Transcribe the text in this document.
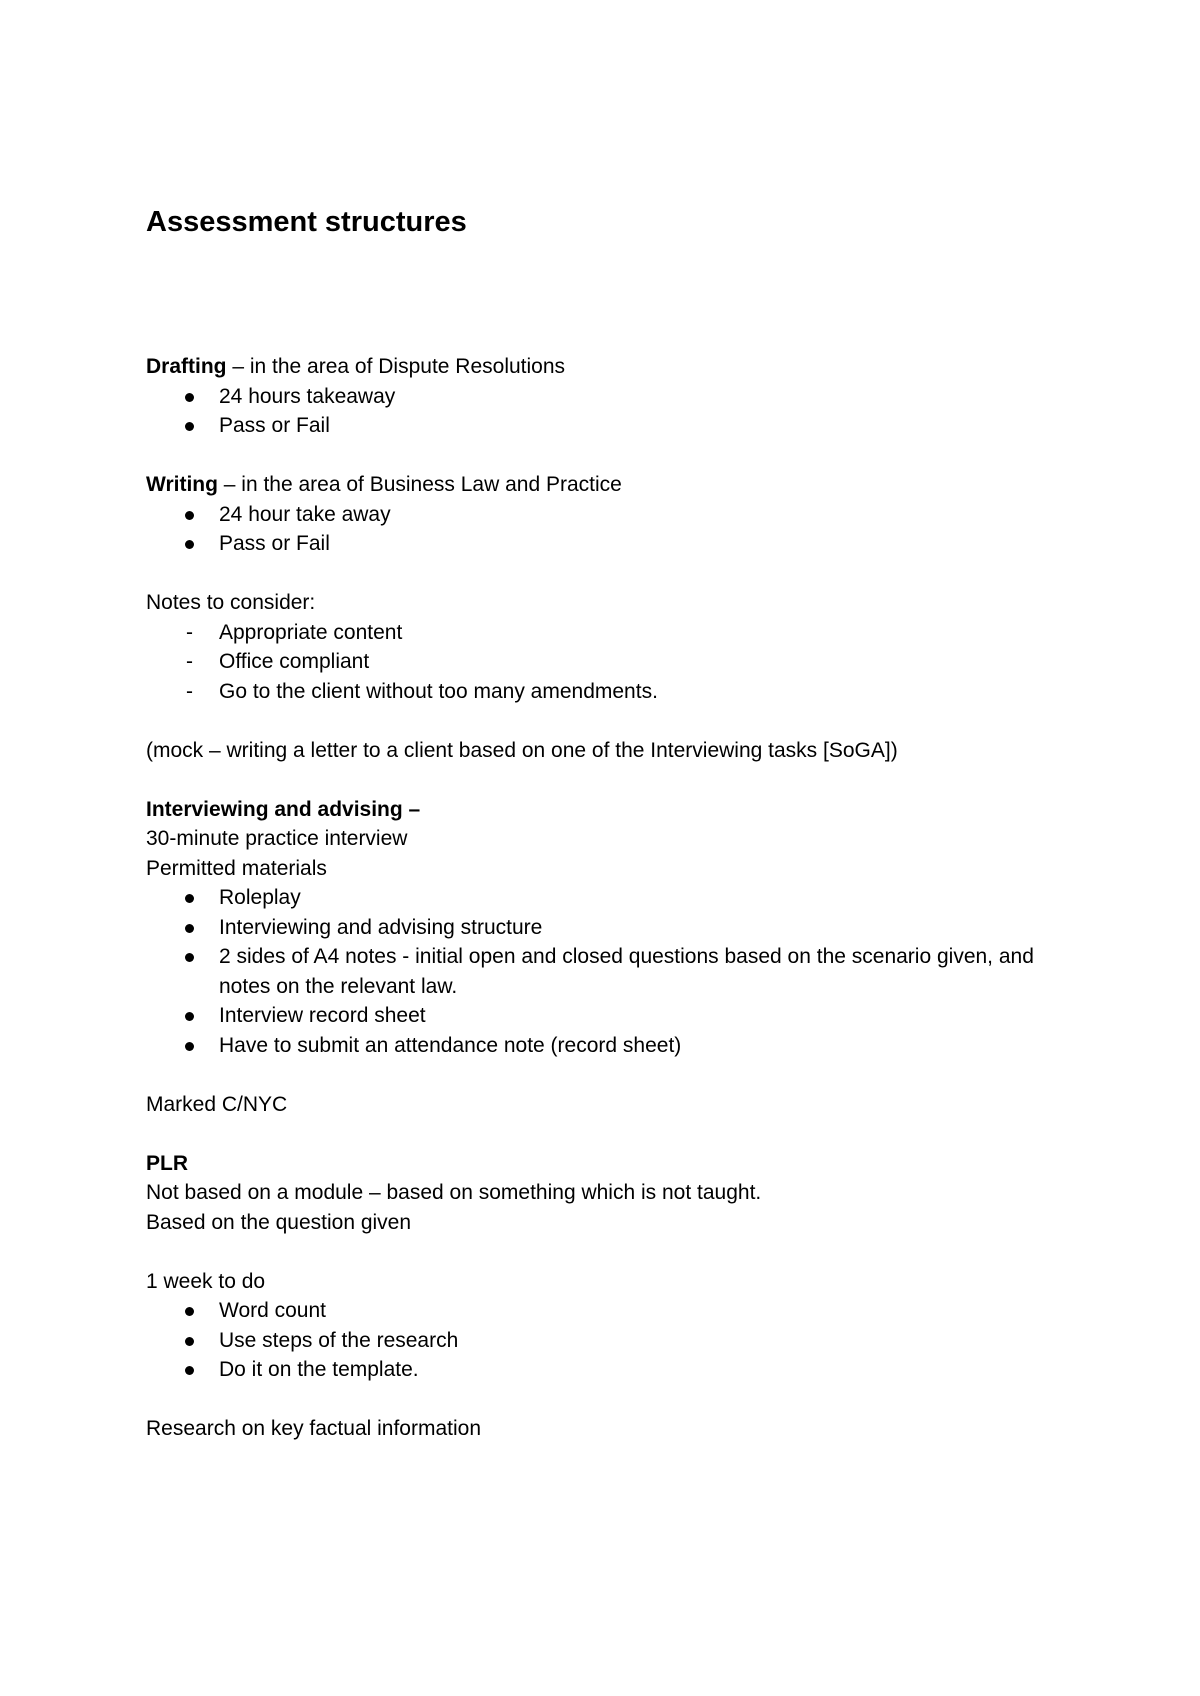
Assessment structures

Drafting – in the area of Dispute Resolutions

24 hours takeaway
Pass or Fail

Writing – in the area of Business Law and Practice

24 hour take away
Pass or Fail

Notes to consider:

- Appropriate content
- Office compliant
- Go to the client without too many amendments.

(mock – writing a letter to a client based on one of the Interviewing tasks [SoGA])

Interviewing and advising –

30-minute practice interview

Permitted materials

Roleplay
Interviewing and advising structure
2 sides of A4 notes - initial open and closed questions based on the scenario given, and notes on the relevant law.
Interview record sheet
Have to submit an attendance note (record sheet)

Marked C/NYC

PLR

Not based on a module – based on something which is not taught.

Based on the question given

1 week to do

Word count
Use steps of the research
Do it on the template.

Research on key factual information
